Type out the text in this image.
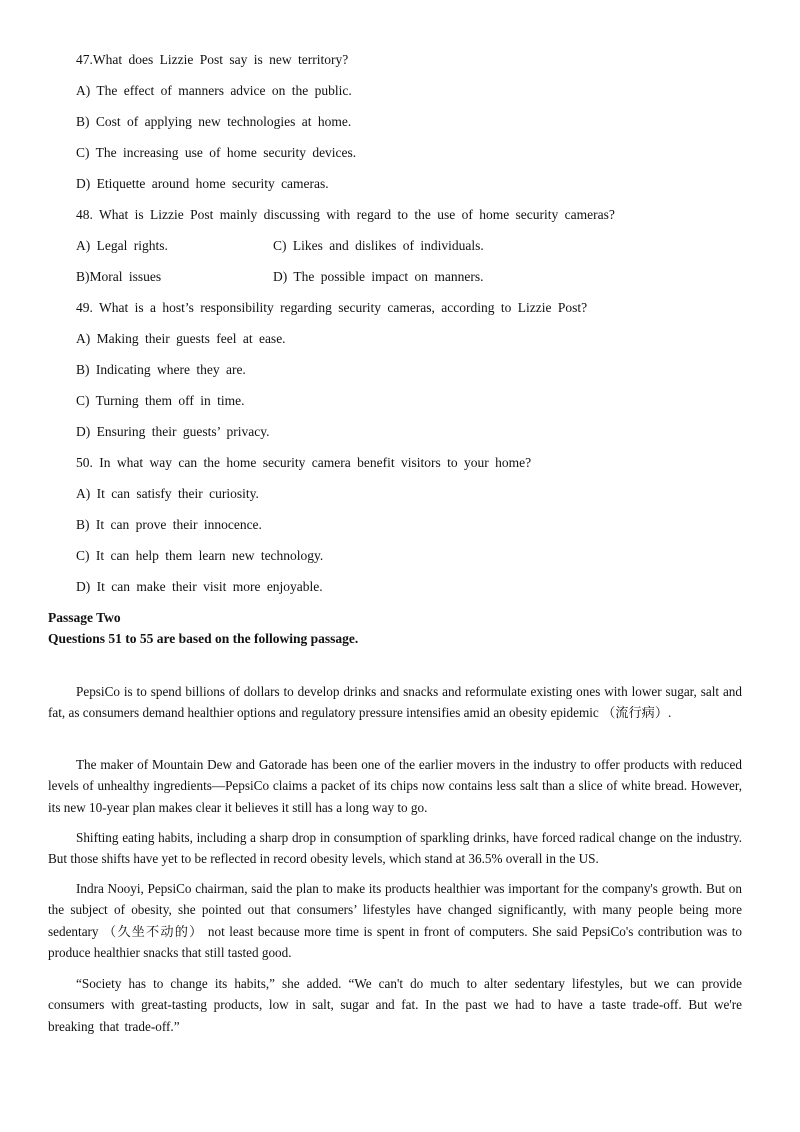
47.What does Lizzie Post say is new territory?
A) The effect of manners advice on the public.
B) Cost of applying new technologies at home.
C) The increasing use of home security devices.
D) Etiquette around home security cameras.
48. What is Lizzie Post mainly discussing with regard to the use of home security cameras?
A) Legal rights.	C) Likes and dislikes of individuals.
B)Moral issues	D) The possible impact on manners.
49. What is a host’s responsibility regarding security cameras, according to Lizzie Post?
A) Making their guests feel at ease.
B) Indicating where they are.
C) Turning them off in time.
D) Ensuring their guests’ privacy.
50. In what way can the home security camera benefit visitors to your home?
A) It can satisfy their curiosity.
B) It can prove their innocence.
C) It can help them learn new technology.
D) It can make their visit more enjoyable.
Passage Two
Questions 51 to 55 are based on the following passage.
PepsiCo is to spend billions of dollars to develop drinks and snacks and reformulate existing ones with lower sugar, salt and fat, as consumers demand healthier options and regulatory pressure intensifies amid an obesity epidemic （流行病）.
The maker of Mountain Dew and Gatorade has been one of the earlier movers in the industry to offer products with reduced levels of unhealthy ingredients—PepsiCo claims a packet of its chips now contains less salt than a slice of white bread. However, its new 10-year plan makes clear it believes it still has a long way to go.
Shifting eating habits, including a sharp drop in consumption of sparkling drinks, have forced radical change on the industry. But those shifts have yet to be reflected in record obesity levels, which stand at 36.5% overall in the US.
Indra Nooyi, PepsiCo chairman, said the plan to make its products healthier was important for the company's growth. But on the subject of obesity, she pointed out that consumers’ lifestyles have changed significantly, with many people being more sedentary （久坐不动的） not least because more time is spent in front of computers. She said PepsiCo's contribution was to produce healthier snacks that still tasted good.
“Society has to change its habits,” she added. “We can't do much to alter sedentary lifestyles, but we can provide consumers with great-tasting products, low in salt, sugar and fat. In the past we had to have a taste trade-off. But we're breaking that trade-off.”
